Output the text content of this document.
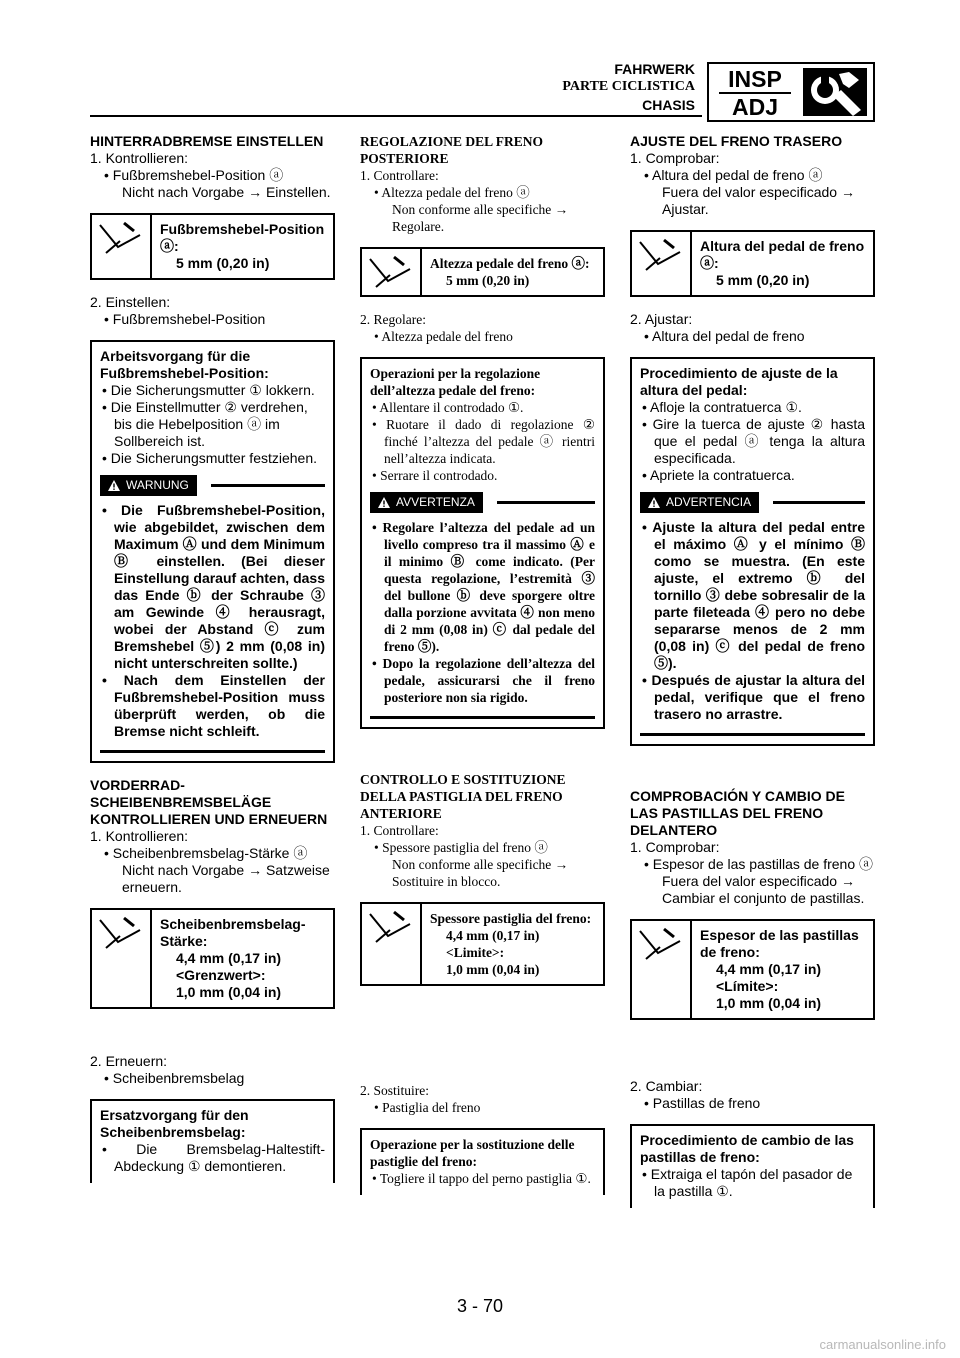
FAHRWERK
PARTE CICLISTICA
CHASIS
INSP
ADJ

HINTERRADBREMSE EINSTELLEN

1. Kontrollieren:

• Fußbremshebel-Position ⓐ

Nicht nach Vorgabe → Einstellen.

Fußbremshebel-Position ⓐ:
5 mm (0,20 in)

2. Einstellen:

• Fußbremshebel-Position

Arbeitsvorgang für die Fußbremshebel-Position:
• Die Sicherungsmutter ① lokkern.
• Die Einstellmutter ② verdrehen, bis die Hebelposition ⓐ im Sollbereich ist.
• Die Sicherungsmutter festziehen.
WARNUNG
• Die Fußbremshebel-Position, wie abgebildet, zwischen dem Maximum Ⓐ und dem Minimum Ⓑ einstellen. (Bei dieser Einstellung darauf achten, dass das Ende ⓑ der Schraube ③ am Gewinde ④ herausragt, wobei der Abstand ⓒ zum Bremshebel ⑤) 2 mm (0,08 in) nicht unterschreiten sollte.)
• Nach dem Einstellen der Fußbremshebel-Position muss überprüft werden, ob die Bremse nicht schleift.

VORDERRAD-SCHEIBENBREMSBELÄGE KONTROLLIEREN UND ERNEUERN

1. Kontrollieren:

• Scheibenbremsbelag-Stärke ⓐ

Nicht nach Vorgabe → Satzweise erneuern.

Scheibenbremsbelag-Stärke:
4,4 mm (0,17 in)
<Grenzwert>:
1,0 mm (0,04 in)

2. Erneuern:

• Scheibenbremsbelag

Ersatzvorgang für den Scheibenbremsbelag:
• Die Bremsbelag-Haltestift-Abdeckung ① demontieren.

REGOLAZIONE DEL FRENO POSTERIORE

1. Controllare:

• Altezza pedale del freno ⓐ

Non conforme alle specifiche → Regolare.

Altezza pedale del freno ⓐ:
5 mm (0,20 in)

2. Regolare:

• Altezza pedale del freno

Operazioni per la regolazione dell’altezza pedale del freno:
• Allentare il controdado ①.
• Ruotare il dado di regolazione ② finché l’altezza del pedale ⓐ rientri nell’altezza indicata.
• Serrare il controdado.
AVVERTENZA
• Regolare l’altezza del pedale ad un livello compreso tra il massimo Ⓐ e il minimo Ⓑ come indicato. (Per questa regolazione, l’estremità ③ del bullone ⓑ deve sporgere oltre dalla porzione avvitata ④ non meno di 2 mm (0,08 in) ⓒ dal pedale del freno ⑤).
• Dopo la regolazione dell’altezza del pedale, assicurarsi che il freno posteriore non sia rigido.

CONTROLLO E SOSTITUZIONE DELLA PASTIGLIA DEL FRENO ANTERIORE

1. Controllare:

• Spessore pastiglia del freno ⓐ

Non conforme alle specifiche → Sostituire in blocco.

Spessore pastiglia del freno:
4,4 mm (0,17 in)
<Limite>:
1,0 mm (0,04 in)

2. Sostituire:

• Pastiglia del freno

Operazione per la sostituzione delle pastiglie del freno:
• Togliere il tappo del perno pastiglia ①.

AJUSTE DEL FRENO TRASERO

1. Comprobar:

• Altura del pedal de freno ⓐ

Fuera del valor especificado → Ajustar.

Altura del pedal de freno ⓐ:
5 mm (0,20 in)

2. Ajustar:

• Altura del pedal de freno

Procedimiento de ajuste de la altura del pedal:
• Afloje la contratuerca ①.
• Gire la tuerca de ajuste ② hasta que el pedal ⓐ tenga la altura especificada.
• Apriete la contratuerca.
ADVERTENCIA
• Ajuste la altura del pedal entre el máximo Ⓐ y el mínimo Ⓑ como se muestra. (En este ajuste, el extremo ⓑ del tornillo ③ debe sobresalir de la parte fileteada ④ pero no debe separarse menos de 2 mm (0,08 in) ⓒ del pedal de freno ⑤).
• Después de ajustar la altura del pedal, verifique que el freno trasero no arrastre.

COMPROBACIÓN Y CAMBIO DE LAS PASTILLAS DEL FRENO DELANTERO

1. Comprobar:

• Espesor de las pastillas de freno ⓐ

Fuera del valor especificado → Cambiar el conjunto de pastillas.

Espesor de las pastillas de freno:
4,4 mm (0,17 in)
<Límite>:
1,0 mm (0,04 in)

2. Cambiar:

• Pastillas de freno

Procedimiento de cambio de las pastillas de freno:
• Extraiga el tapón del pasador de la pastilla ①.
3 - 70
carmanualsonline.info
